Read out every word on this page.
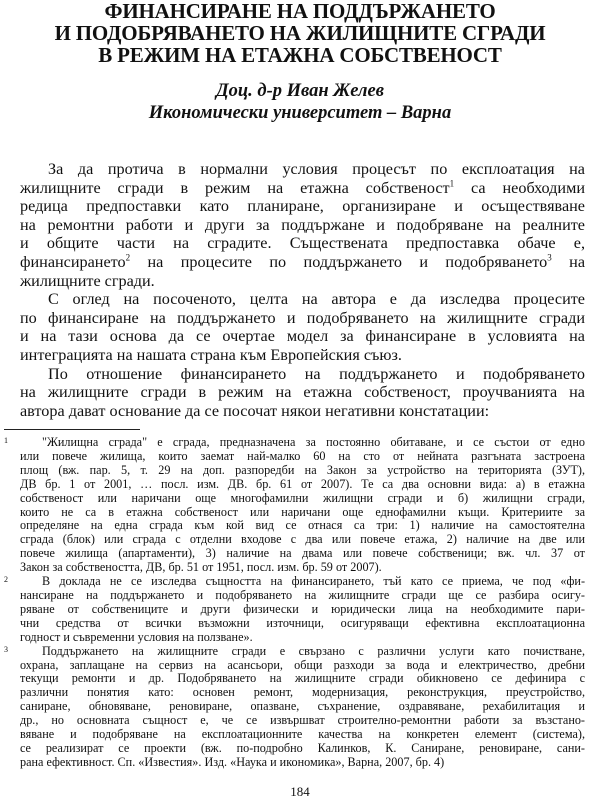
ФИНАНСИРАНЕ НА ПОДДЪРЖАНЕТО
И ПОДОБРЯВАНЕТО НА ЖИЛИЩНИТЕ СГРАДИ
В РЕЖИМ НА ЕТАЖНА СОБСТВЕНОСТ
Доц. д-р Иван Желев
Икономически университет – Варна

За да протича в нормални условия процесът по експлоатация на
жилищните сгради в режим на етажна собственост$^1$ са необходими
редица предпоставки като планиране, организиране и осъществяване
на ремонтни работи и други за поддържане и подобряване на реалните
и общите части на сградите. Съществената предпоставка обаче е,
финансирането$^2$ на процесите по поддържането и подобряването$^3$ на
жилищните сгради.

С оглед на посоченото, целта на автора е да изследва процесите
по финансиране на поддържането и подобряването на жилищните сгради
и на тази основа да се очертае модел за финансиране в условията на
интеграцията на нашата страна към Европейския съюз.

По отношение финансирането на поддържането и подобряването
на жилищните сгради в режим на етажна собственост, проучванията на
автора дават основание да се посочат някои негативни констатации:

1	"Жилищна сграда" е сграда, предназначена за постоянно обитаване, и се състои от едно
или повече жилища, които заемат най-малко 60 на сто от нейната разгъната застроена
площ (вж. пар. 5, т. 29 на доп. разпоредби на Закон за устройство на територията (ЗУТ),
ДВ бр. 1 от 2001, … посл. изм. ДВ. бр. 61 от 2007). Те са два основни вида: а) в етажна
собственост или наричани още многофамилни жилищни сгради и б) жилищни сгради,
които не са в етажна собственост или наричани още еднофамилни къщи. Критериите за
определяне на една сграда към кой вид се отнася са три: 1) наличие на самостоятелна
сграда (блок) или сграда с отделни входове с два или повече етажа, 2) наличие на две или
повече жилища (апартаменти), 3) наличие на двама или повече собственици; вж. чл. 37 от
Закон за собствеността, ДВ, бр. 51 от 1951, посл. изм. бр. 59 от 2007).
2	В доклада не се изследва същността на финансирането, тъй като се приема, че под «фи-
нансиране на поддържането и подобряването на жилищните сгради ще се разбира осигу-
ряване от собствениците и други физически и юридически лица на необходимите пари-
чни средства от всички възможни източници, осигуряващи ефективна експлоатационна
годност и съвременни условия на ползване».
3	Поддържането на жилищните сгради е свързано с различни услуги като почистване,
охрана, заплащане на сервиз на асансьори, общи разходи за вода и електричество, дребни
текущи ремонти и др. Подобряването на жилищните сгради обикновено се дефинира с
различни понятия като: основен ремонт, модернизация, реконструкция, преустройство,
саниране, обновяване, реновиране, опазване, съхранение, оздравяване, рехабилитация и
др., но основната същност е, че се извършват строително-ремонтни работи за възстано-
вяване и подобряване на експлоатационните качества на конкретен елемент (система),
се реализират се проекти (вж. по-подробно Калинков, К. Саниране, реновиране, сани-
рана ефективност. Сп. «Известия». Изд. «Наука и икономика», Варна, 2007, бр. 4)
184
